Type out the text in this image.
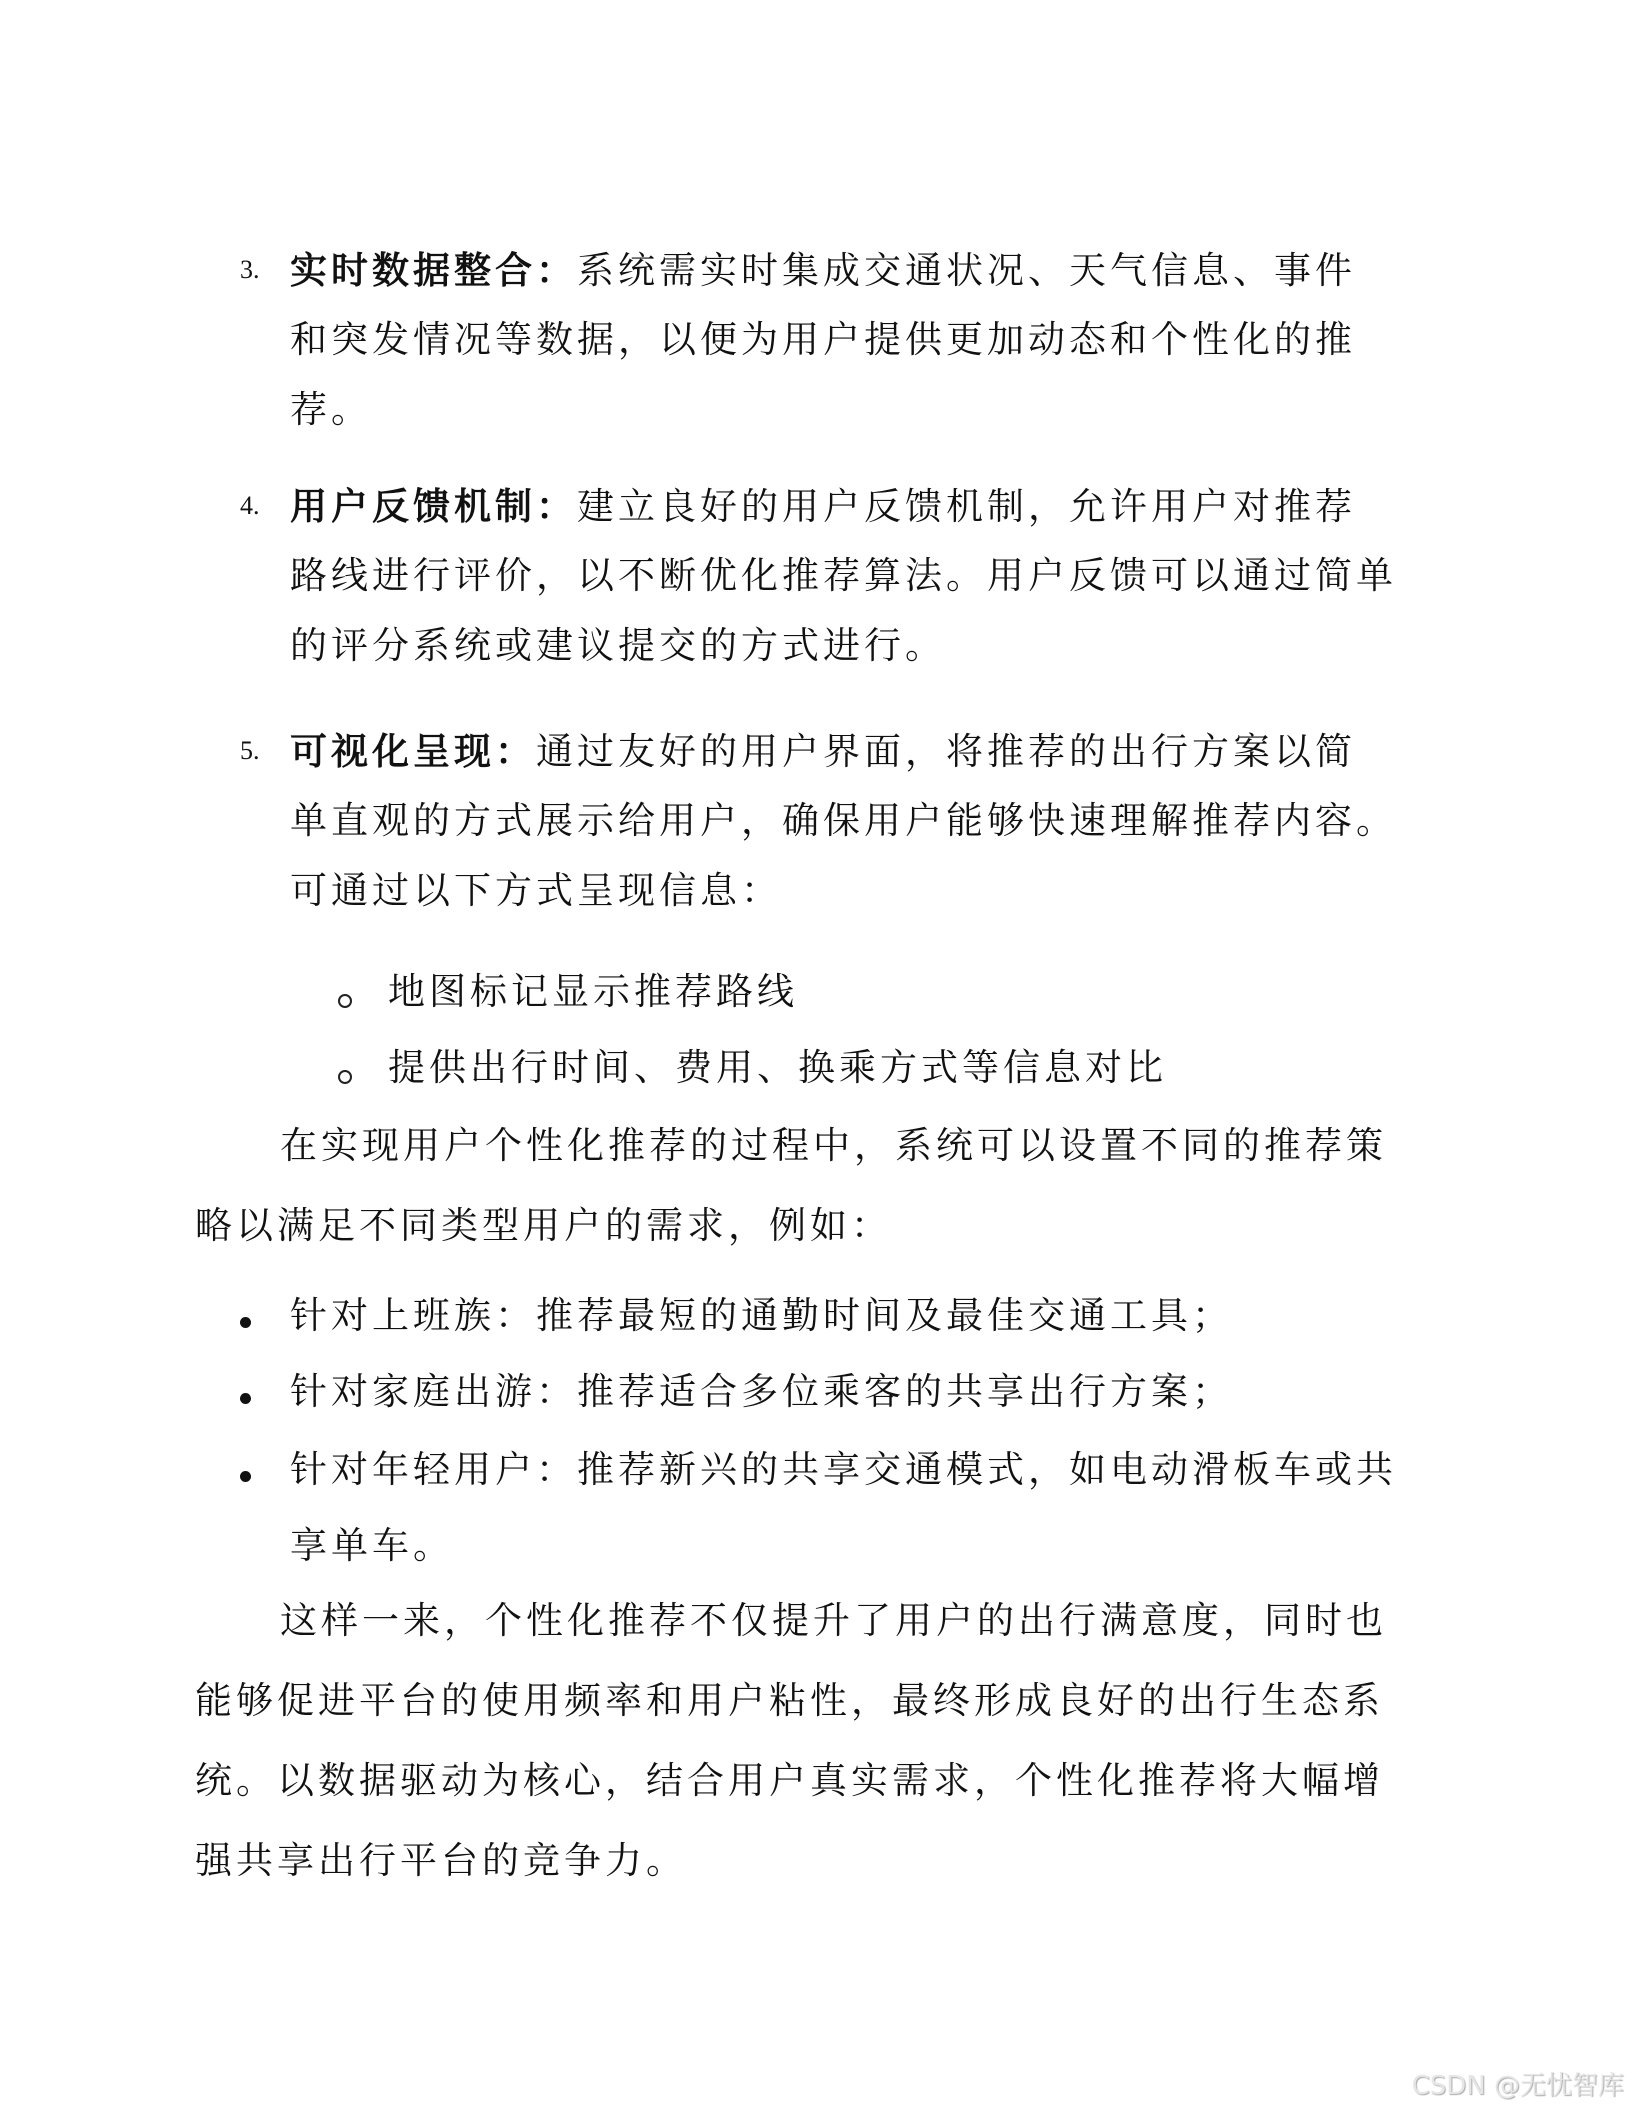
3. 实时数据整合：系统需实时集成交通状况、天气信息、事件
和突发情况等数据，以便为用户提供更加动态和个性化的推
荐。
4. 用户反馈机制：建立良好的用户反馈机制，允许用户对推荐
路线进行评价，以不断优化推荐算法。用户反馈可以通过简单
的评分系统或建议提交的方式进行。
5. 可视化呈现：通过友好的用户界面，将推荐的出行方案以简
单直观的方式展示给用户，确保用户能够快速理解推荐内容。
可通过以下方式呈现信息：
地图标记显示推荐路线
提供出行时间、费用、换乘方式等信息对比
在实现用户个性化推荐的过程中，系统可以设置不同的推荐策
略以满足不同类型用户的需求，例如：
针对上班族：推荐最短的通勤时间及最佳交通工具；
针对家庭出游：推荐适合多位乘客的共享出行方案；
针对年轻用户：推荐新兴的共享交通模式，如电动滑板车或共
享单车。
这样一来，个性化推荐不仅提升了用户的出行满意度，同时也
能够促进平台的使用频率和用户粘性，最终形成良好的出行生态系
统。以数据驱动为核心，结合用户真实需求，个性化推荐将大幅增
强共享出行平台的竞争力。
CSDN @无忧智库
